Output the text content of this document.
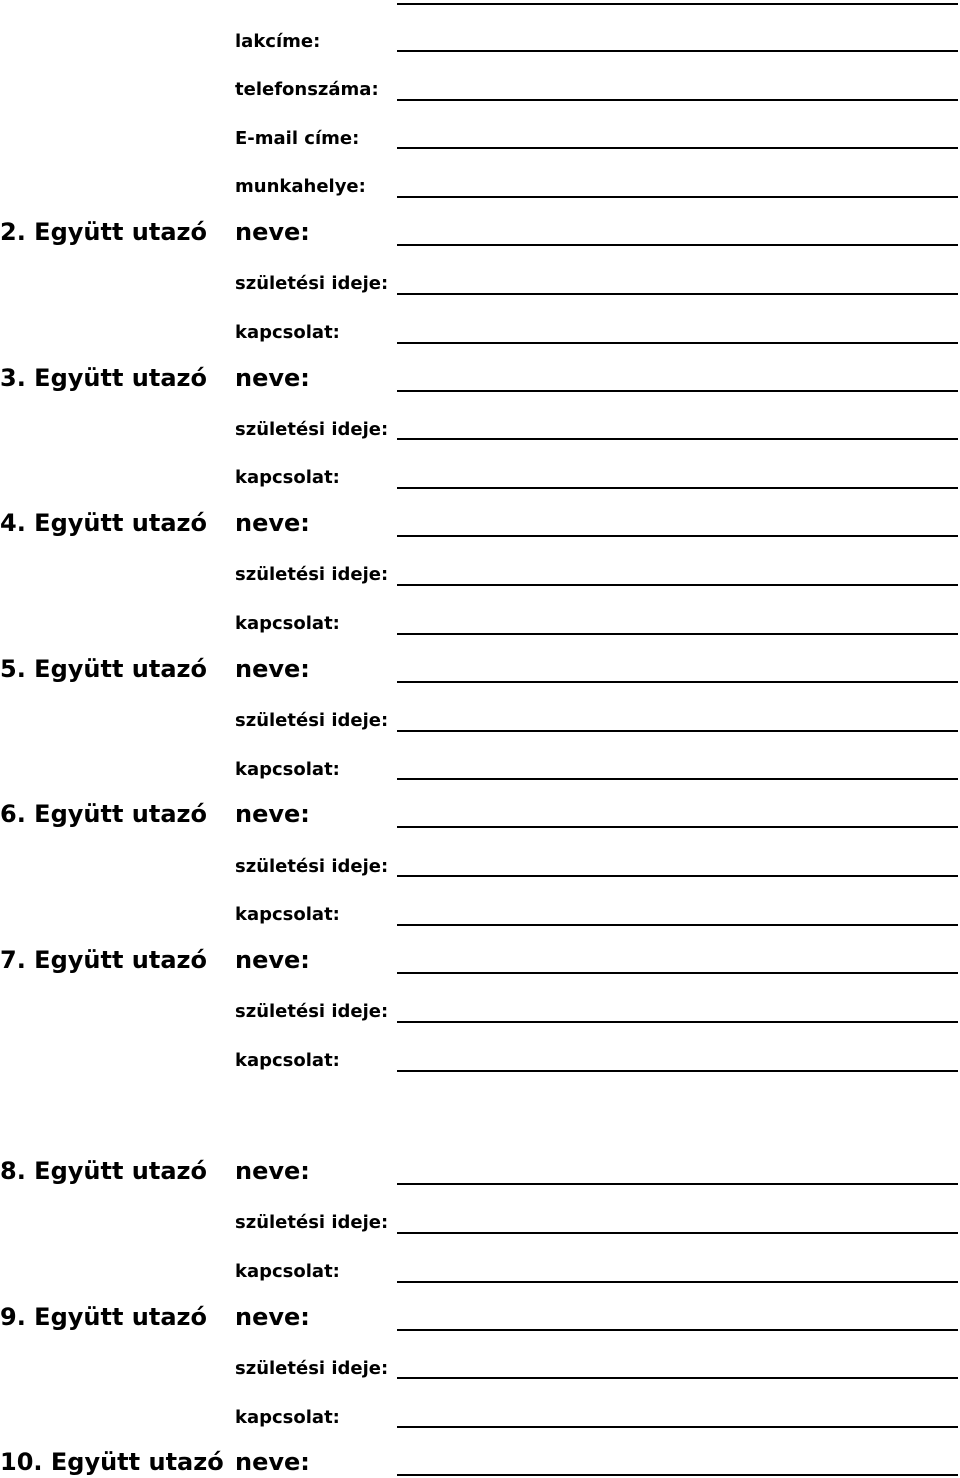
lakcíme:
telefonszáma:
E-mail címe:
munkahelye:
2. Együtt utazó neve:
születési ideje:
kapcsolat:
3. Együtt utazó neve:
születési ideje:
kapcsolat:
4. Együtt utazó neve:
születési ideje:
kapcsolat:
5. Együtt utazó neve:
születési ideje:
kapcsolat:
6. Együtt utazó neve:
születési ideje:
kapcsolat:
7. Együtt utazó neve:
születési ideje:
kapcsolat:
8. Együtt utazó neve:
születési ideje:
kapcsolat:
9. Együtt utazó neve:
születési ideje:
kapcsolat:
10. Együtt utazó neve:
